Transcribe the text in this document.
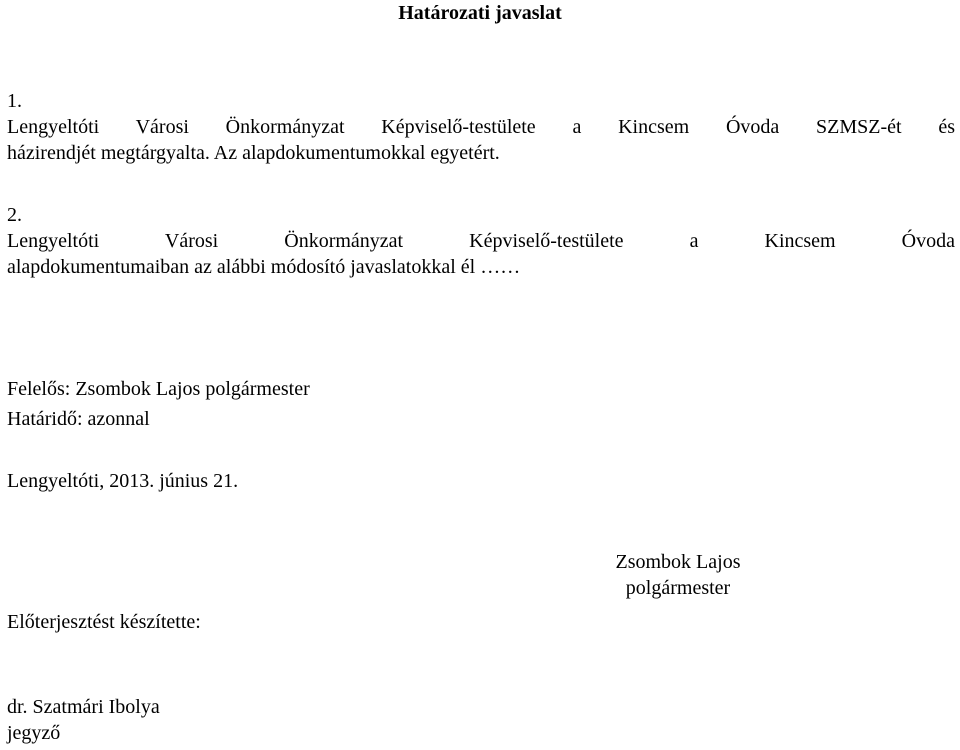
Határozati javaslat
1.
Lengyeltóti Városi Önkormányzat Képviselő-testülete a Kincsem Óvoda SZMSZ-ét és
házirendjét megtárgyalta. Az alapdokumentumokkal egyetért.
2.
Lengyeltóti Városi Önkormányzat Képviselő-testülete a Kincsem Óvoda
alapdokumentumaiban az alábbi módosító javaslatokkal él ……
Felelős: Zsombok Lajos polgármester
Határidő: azonnal
Lengyeltóti, 2013. június 21.
Zsombok Lajos
polgármester
Előterjesztést készítette:
dr. Szatmári Ibolya
jegyző
